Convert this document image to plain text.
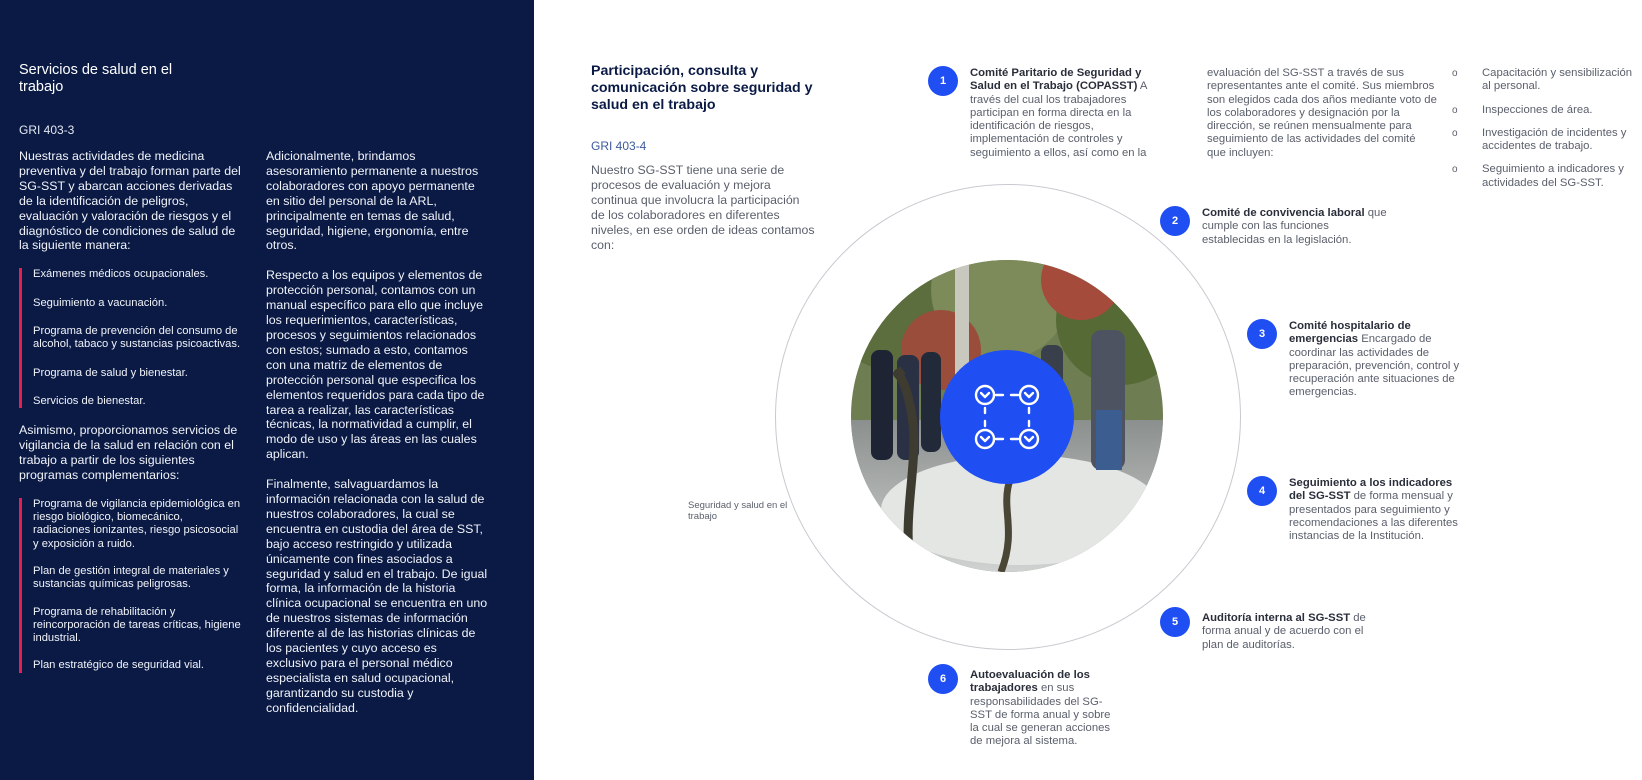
Servicios de salud en el trabajo
GRI 403-3

Nuestras actividades de medicina preventiva y del trabajo forman parte del SG-SST y abarcan acciones derivadas de la identificación de peligros, evaluación y valoración de riesgos y el diagnóstico de condiciones de salud de la siguiente manera:

Exámenes médicos ocupacionales.
Seguimiento a vacunación.
Programa de prevención del consumo de alcohol, tabaco y sustancias psicoactivas.
Programa de salud y bienestar.
Servicios de bienestar.

Asimismo, proporcionamos servicios de vigilancia de la salud en relación con el trabajo a partir de los siguientes programas complementarios:

Programa de vigilancia epidemiológica en riesgo biológico, biomecánico, radiaciones ionizantes, riesgo psicosocial y exposición a ruido.
Plan de gestión integral de materiales y sustancias químicas peligrosas.
Programa de rehabilitación y reincorporación de tareas críticas, higiene industrial.
Plan estratégico de seguridad vial.

Adicionalmente, brindamos asesoramiento permanente a nuestros colaboradores con apoyo permanente en sitio del personal de la ARL, principalmente en temas de salud, seguridad, higiene, ergonomía, entre otros.

Respecto a los equipos y elementos de protección personal, contamos con un manual específico para ello que incluye los requerimientos, características, procesos y seguimientos relacionados con estos; sumado a esto, contamos con una matriz de elementos de protección personal que especifica los elementos requeridos para cada tipo de tarea a realizar, las características técnicas, la normatividad a cumplir, el modo de uso y las áreas en las cuales aplican.

Finalmente, salvaguardamos la información relacionada con la salud de nuestros colaboradores, la cual se encuentra en custodia del área de SST, bajo acceso restringido y utilizada únicamente con fines asociados a seguridad y salud en el trabajo. De igual forma, la información de la historia clínica ocupacional se encuentra en uno de nuestros sistemas de información diferente al de las historias clínicas de los pacientes y cuyo acceso es exclusivo para el personal médico especialista en salud ocupacional, garantizando su custodia y confidencialidad.

Participación, consulta y comunicación sobre seguridad y salud en el trabajo
GRI 403-4

Nuestro SG-SST tiene una serie de procesos de evaluación y mejora continua que involucra la participación de los colaboradores en diferentes niveles, en ese orden de ideas contamos con:

Seguridad y salud en el trabajo
1
Comité Paritario de Seguridad y Salud en el Trabajo (COPASST) A través del cual los trabajadores participan en forma directa en la identificación de riesgos, implementación de controles y seguimiento a ellos, así como en la
evaluación del SG-SST a través de sus representantes ante el comité. Sus miembros son elegidos cada dos años mediante voto de los colaboradores y designación por la dirección, se reúnen mensualmente para seguimiento de las actividades del comité que incluyen:
o Capacitación y sensibilización al personal.
o Inspecciones de área.
o Investigación de incidentes y accidentes de trabajo.
o Seguimiento a indicadores y actividades del SG-SST.
2
Comité de convivencia laboral que cumple con las funciones establecidas en la legislación.
3
Comité hospitalario de emergencias Encargado de coordinar las actividades de preparación, prevención, control y recuperación ante situaciones de emergencias.
4
Seguimiento a los indicadores del SG-SST de forma mensual y presentados para seguimiento y recomendaciones a las diferentes instancias de la Institución.
5	Auditoría interna al SG-SST de forma anual y de acuerdo con el plan de auditorías.
6	Autoevaluación de los trabajadores en sus responsabilidades del SG-SST de forma anual y sobre la cual se generan acciones de mejora al sistema.
